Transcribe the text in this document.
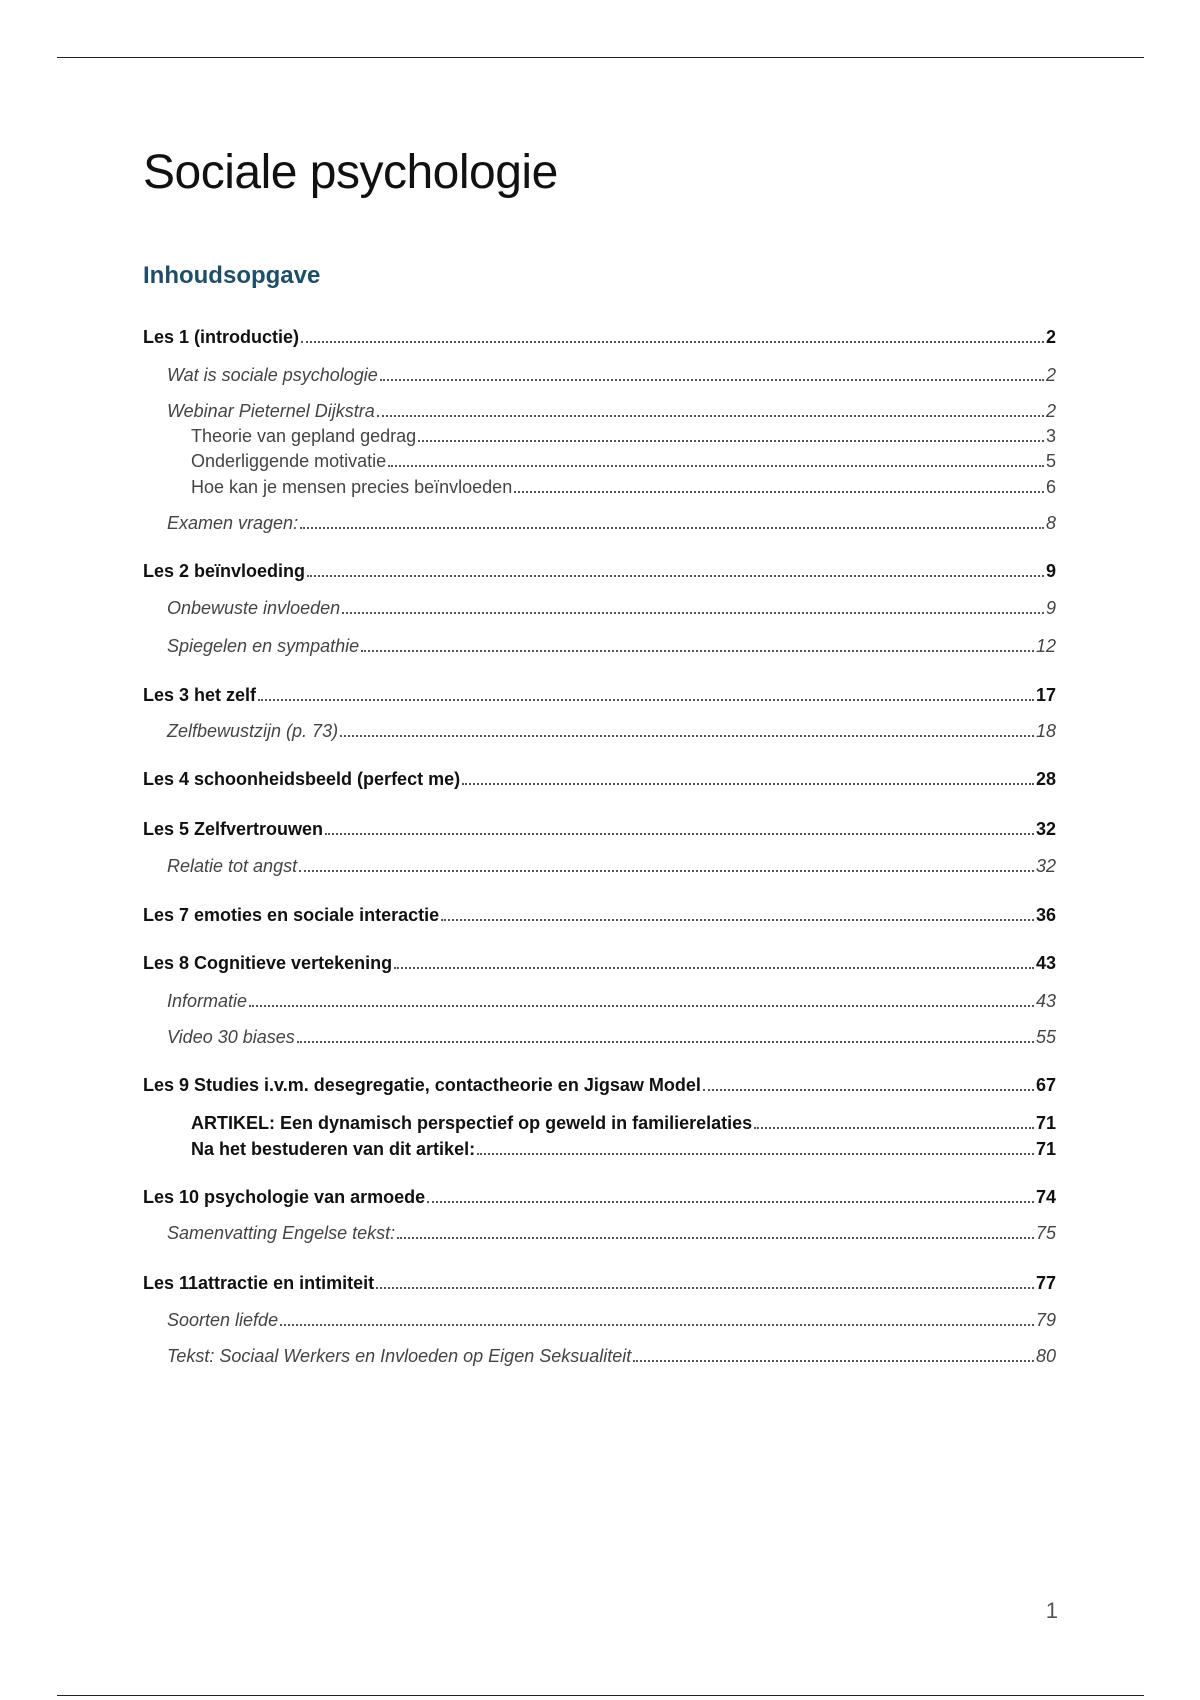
Sociale psychologie
Inhoudsopgave
Les 1 (introductie)	2
Wat is sociale psychologie	2
Webinar Pieternel Dijkstra	2
Theorie van gepland gedrag	3
Onderliggende motivatie	5
Hoe kan je mensen precies beïnvloeden	6
Examen vragen:	8
Les 2 beïnvloeding	9
Onbewuste invloeden	9
Spiegelen en sympathie	12
Les 3 het zelf	17
Zelfbewustzijn (p. 73)	18
Les 4 schoonheidsbeeld (perfect me)	28
Les 5 Zelfvertrouwen	32
Relatie tot angst	32
Les 7 emoties en sociale interactie	36
Les 8 Cognitieve vertekening	43
Informatie	43
Video 30 biases	55
Les 9 Studies i.v.m. desegregatie, contactheorie en Jigsaw Model	67
ARTIKEL: Een dynamisch perspectief op geweld in familierelaties	71
Na het bestuderen van dit artikel:	71
Les 10 psychologie van armoede	74
Samenvatting Engelse tekst:	75
Les 11attractie en intimiteit	77
Soorten liefde	79
Tekst: Sociaal Werkers en Invloeden op Eigen Seksualiteit	80
1
